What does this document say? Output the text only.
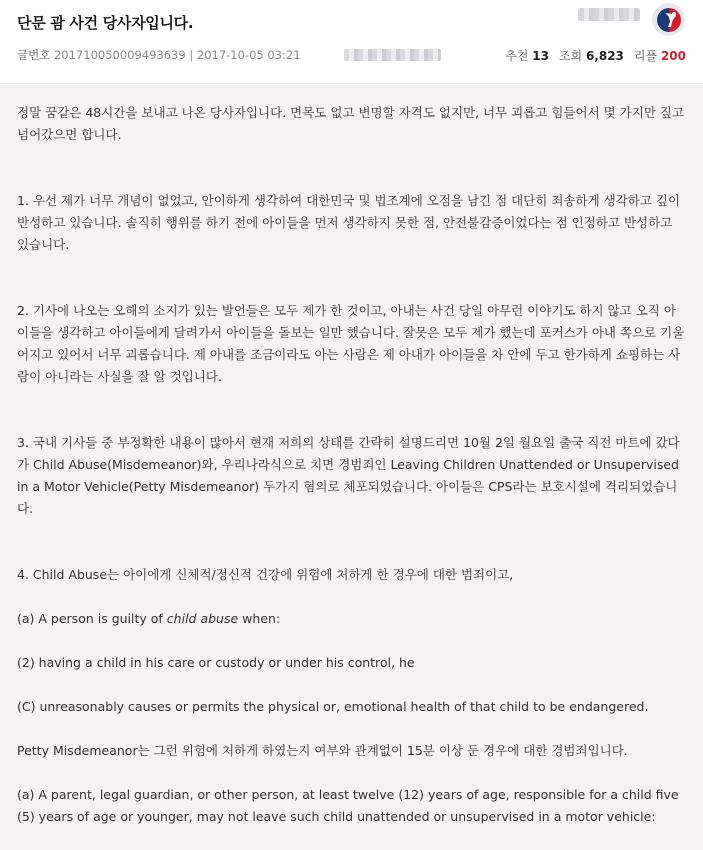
단문 괌 사건 당사자입니다.
글번호 201710050009493639 | 2017-10-05 03:21	추천 13 조회 6,823 리플 200

정말 꿈같은 48시간을 보내고 나온 당사자입니다. 면목도 없고 변명할 자격도 없지만, 너무 괴롭고 힘들어서 몇 가지만 짚고 넘어갔으면 합니다.

1. 우선 제가 너무 개념이 없었고, 안이하게 생각하여 대한민국 및 법조계에 오점을 남긴 점 대단히 죄송하게 생각하고 깊이 반성하고 있습니다. 솔직히 행위를 하기 전에 아이들을 먼저 생각하지 못한 점, 안전불감증이었다는 점 인정하고 반성하고 있습니다.

2. 기사에 나오는 오해의 소지가 있는 발언들은 모두 제가 한 것이고, 아내는 사건 당일 아무런 이야기도 하지 않고 오직 아이들을 생각하고 아이들에게 달려가서 아이들을 돌보는 일만 했습니다. 잘못은 모두 제가 했는데 포커스가 아내 쪽으로 기울어지고 있어서 너무 괴롭습니다. 제 아내를 조금이라도 아는 사람은 제 아내가 아이들을 차 안에 두고 한가하게 쇼핑하는 사람이 아니라는 사실을 잘 알 것입니다.

3. 국내 기사들 중 부정확한 내용이 많아서 현재 저희의 상태를 간략히 설명드리면 10월 2일 월요일 출국 직전 마트에 갔다가 Child Abuse(Misdemeanor)와, 우리나라식으로 치면 경범죄인 Leaving Children Unattended or Unsupervised in a Motor Vehicle(Petty Misdemeanor) 두가지 혐의로 체포되었습니다. 아이들은 CPS라는 보호시설에 격리되었습니다.

4. Child Abuse는 아이에게 신체적/정신적 건강에 위험에 처하게 한 경우에 대한 범죄이고,

(a) A person is guilty of child abuse when:

(2) having a child in his care or custody or under his control, he

(C) unreasonably causes or permits the physical or, emotional health of that child to be endangered.

Petty Misdemeanor는 그런 위험에 처하게 하였는지 여부와 관계없이 15분 이상 둔 경우에 대한 경범죄입니다.

(a) A parent, legal guardian, or other person, at least twelve (12) years of age, responsible for a child five (5) years of age or younger, may not leave such child unattended or unsupervised in a motor vehicle:
